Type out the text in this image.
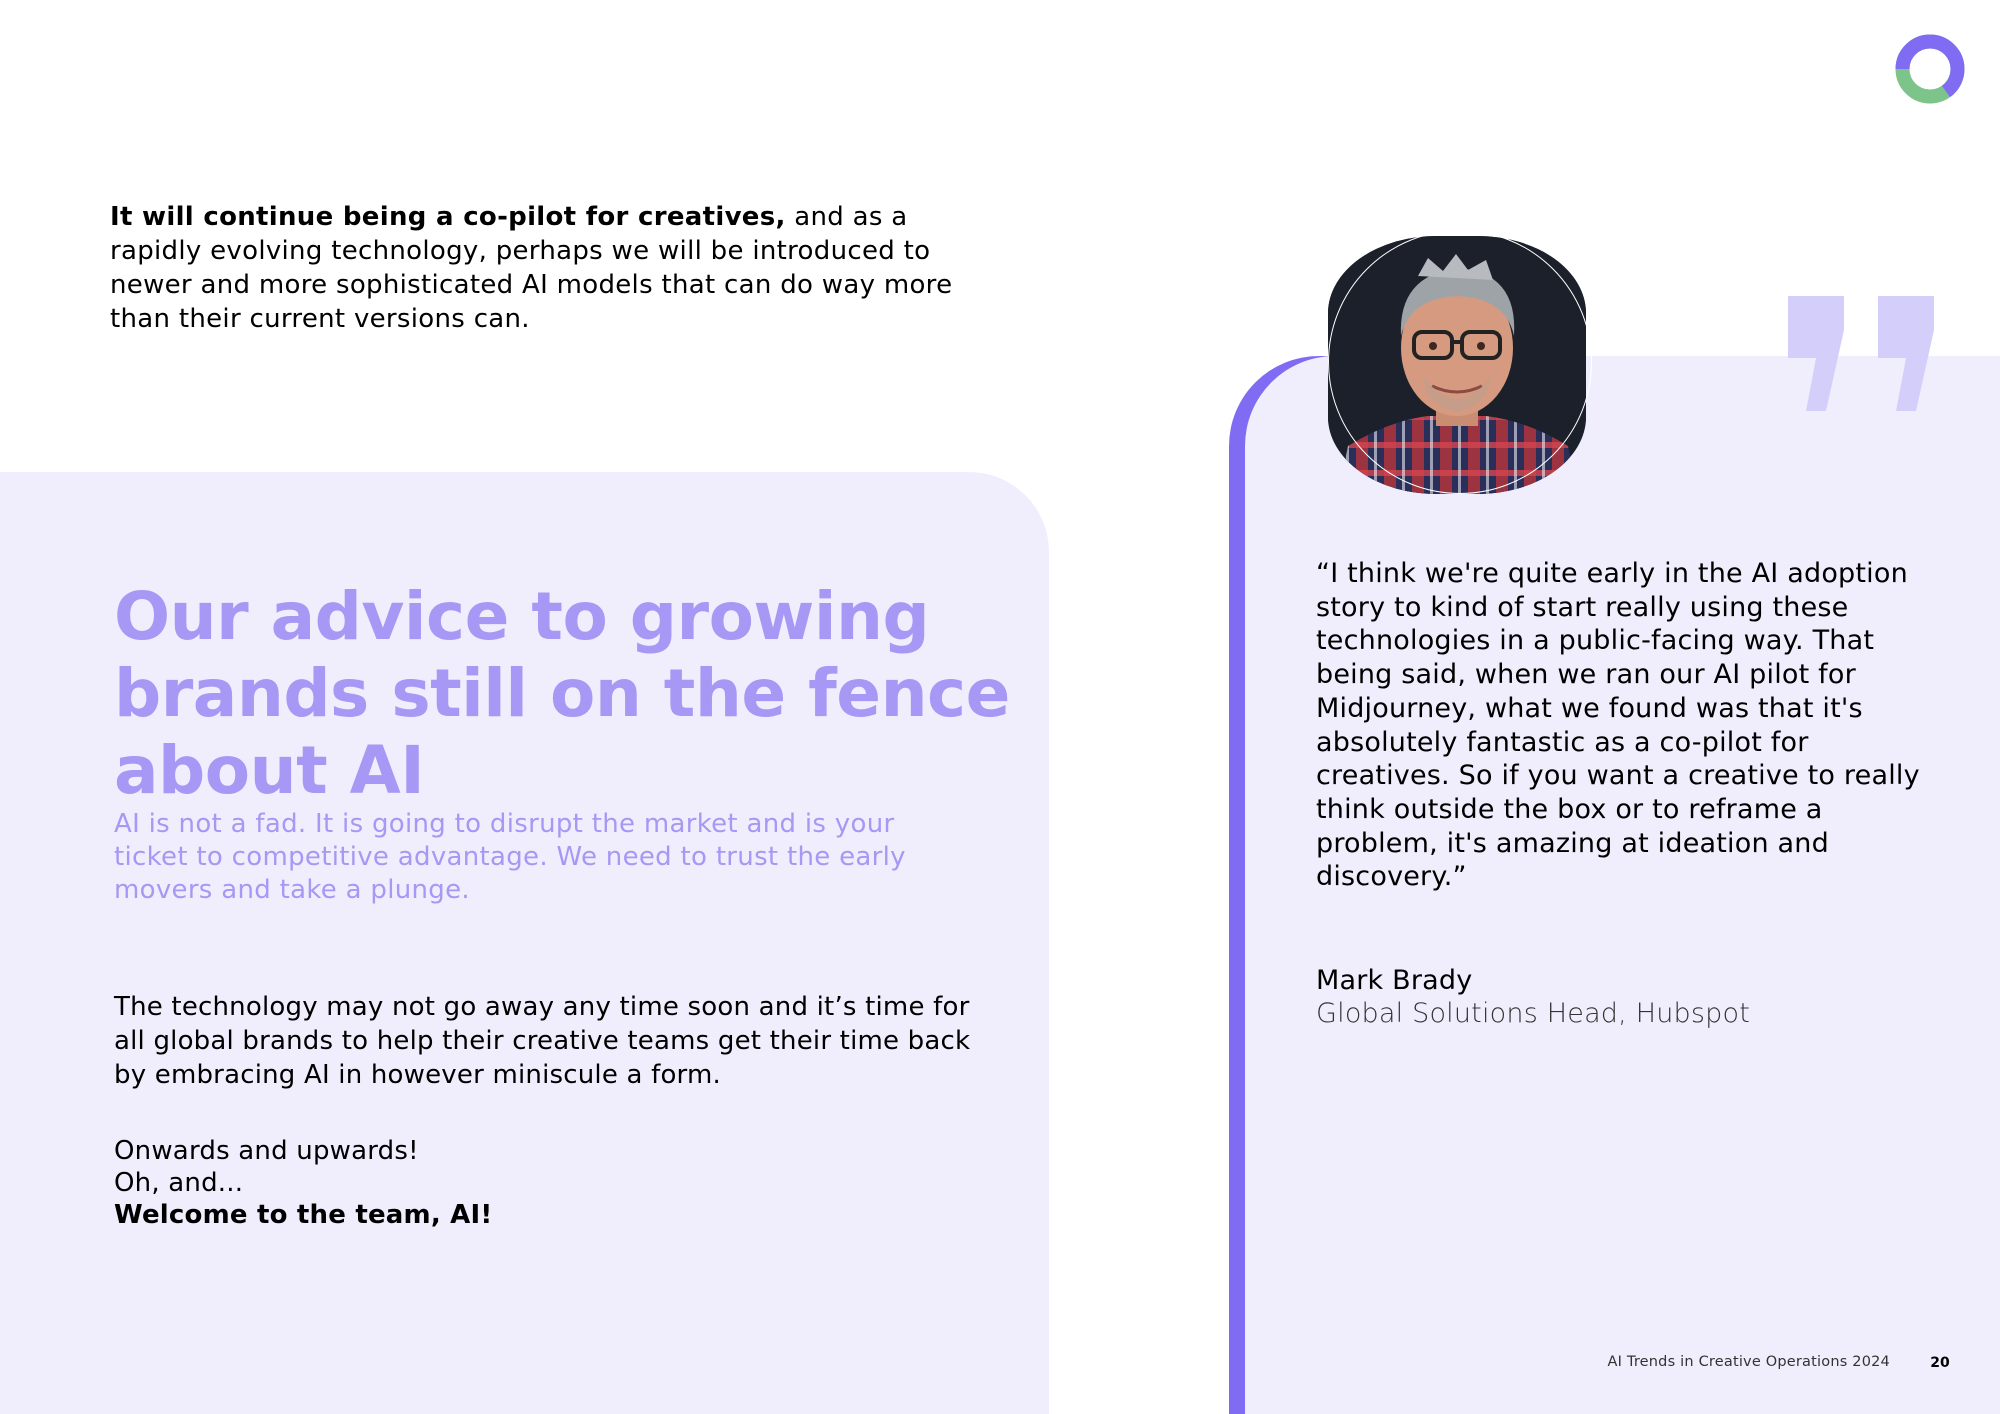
It will continue being a co-pilot for creatives, and as a rapidly evolving technology, perhaps we will be introduced to newer and more sophisticated AI models that can do way more than their current versions can.
Our advice to growing brands still on the fence about AI
AI is not a fad. It is going to disrupt the market and is your ticket to competitive advantage. We need to trust the early movers and take a plunge.
The technology may not go away any time soon and it’s time for all global brands to help their creative teams get their time back by embracing AI in however miniscule a form.
Onwards and upwards!
Oh, and...
Welcome to the team, AI!
“I think we're quite early in the AI adoption story to kind of start really using these technologies in a public-facing way. That being said, when we ran our AI pilot for Midjourney, what we found was that it's absolutely fantastic as a co-pilot for creatives. So if you want a creative to really think outside the box or to reframe a problem, it's amazing at ideation and discovery.”
Mark Brady
Global Solutions Head, Hubspot
AI Trends in Creative Operations 2024	20
